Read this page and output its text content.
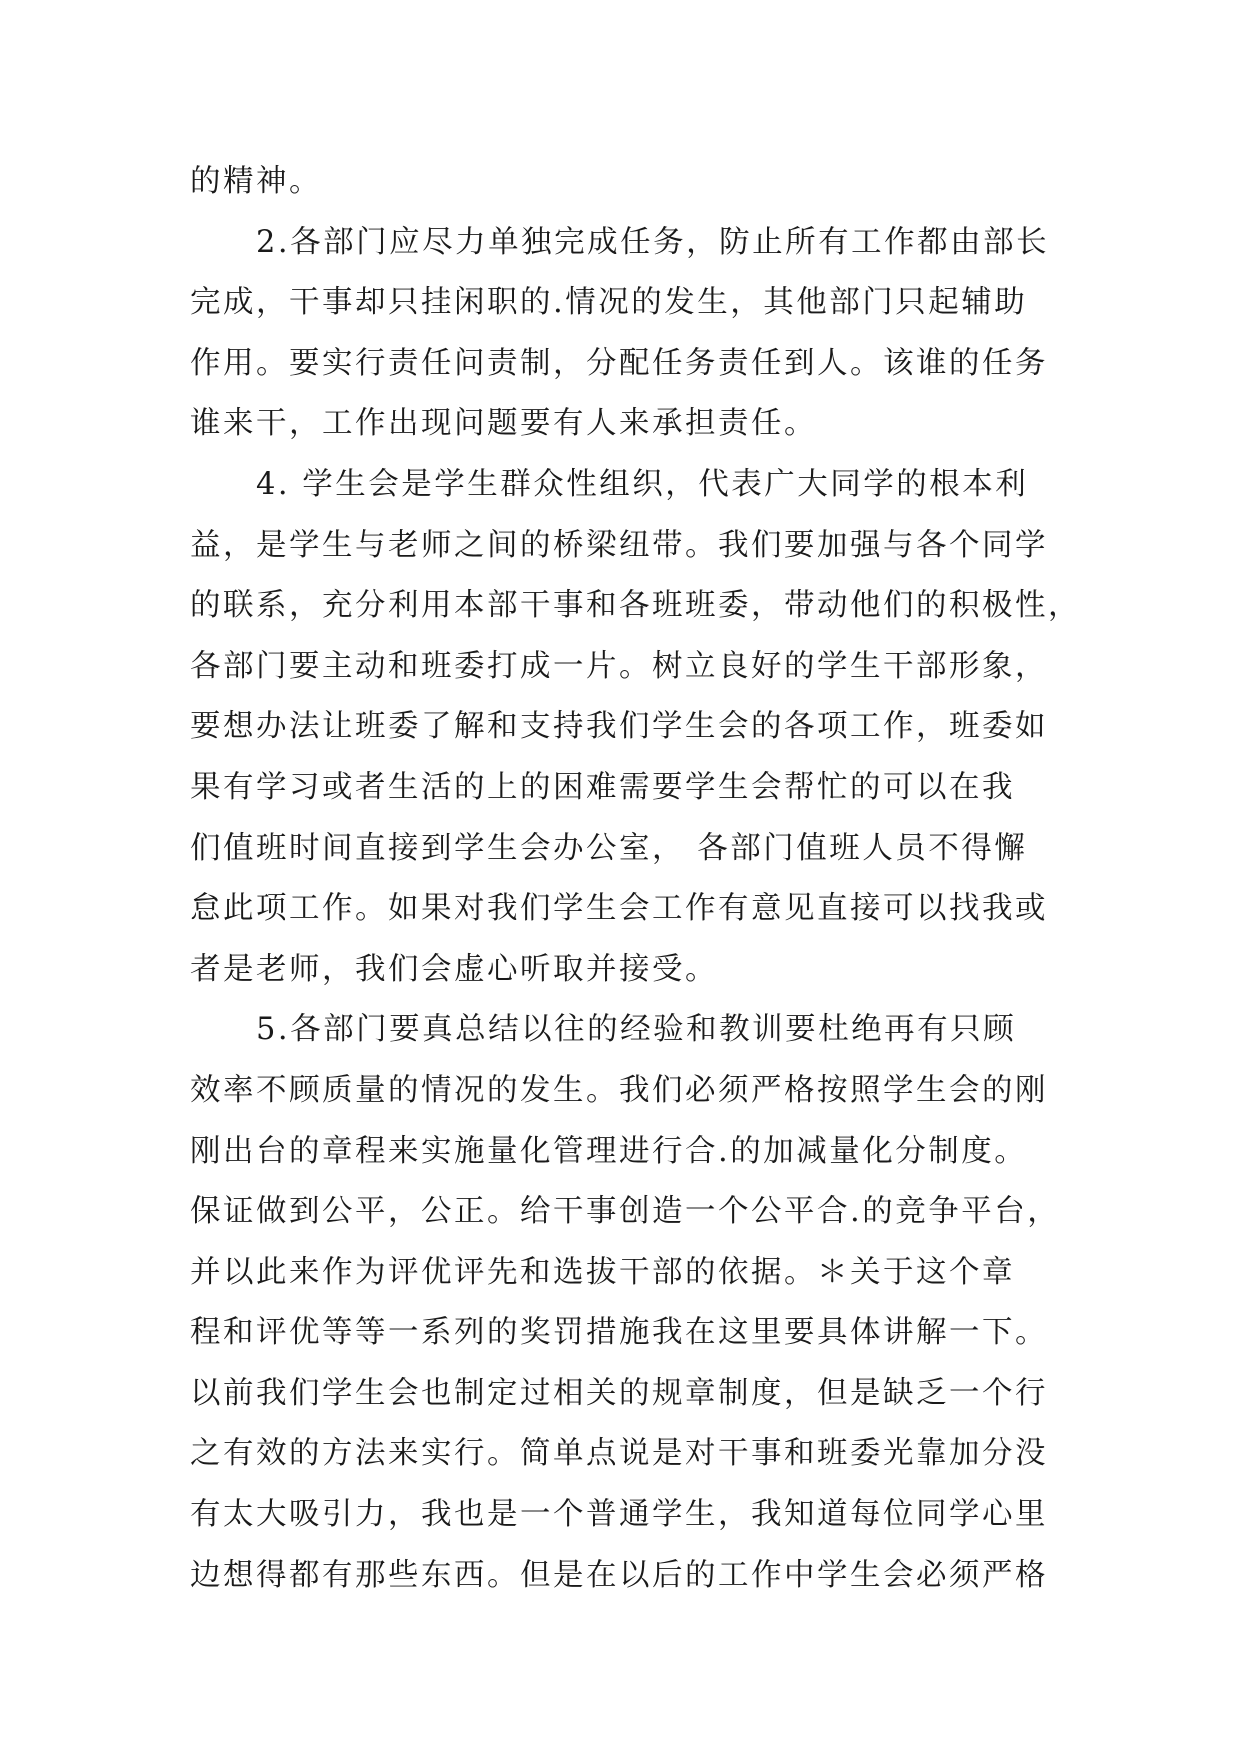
的精神。
2.各部门应尽力单独完成任务，防止所有工作都由部长
完成，干事却只挂闲职的.情况的发生，其他部门只起辅助
作用。要实行责任问责制，分配任务责任到人。该谁的任务
谁来干，工作出现问题要有人来承担责任。
4. 学生会是学生群众性组织，代表广大同学的根本利
益，是学生与老师之间的桥梁纽带。我们要加强与各个同学
的联系，充分利用本部干事和各班班委，带动他们的积极性，
各部门要主动和班委打成一片。树立良好的学生干部形象，
要想办法让班委了解和支持我们学生会的各项工作，班委如
果有学习或者生活的上的困难需要学生会帮忙的可以在我
们值班时间直接到学生会办公室， 各部门值班人员不得懈
怠此项工作。如果对我们学生会工作有意见直接可以找我或
者是老师，我们会虚心听取并接受。
5.各部门要真总结以往的经验和教训要杜绝再有只顾
效率不顾质量的情况的发生。我们必须严格按照学生会的刚
刚出台的章程来实施量化管理进行合.的加减量化分制度。
保证做到公平，公正。给干事创造一个公平合.的竞争平台，
并以此来作为评优评先和选拔干部的依据。＊关于这个章
程和评优等等一系列的奖罚措施我在这里要具体讲解一下。
以前我们学生会也制定过相关的规章制度，但是缺乏一个行
之有效的方法来实行。简单点说是对干事和班委光靠加分没
有太大吸引力，我也是一个普通学生，我知道每位同学心里
边想得都有那些东西。但是在以后的工作中学生会必须严格
